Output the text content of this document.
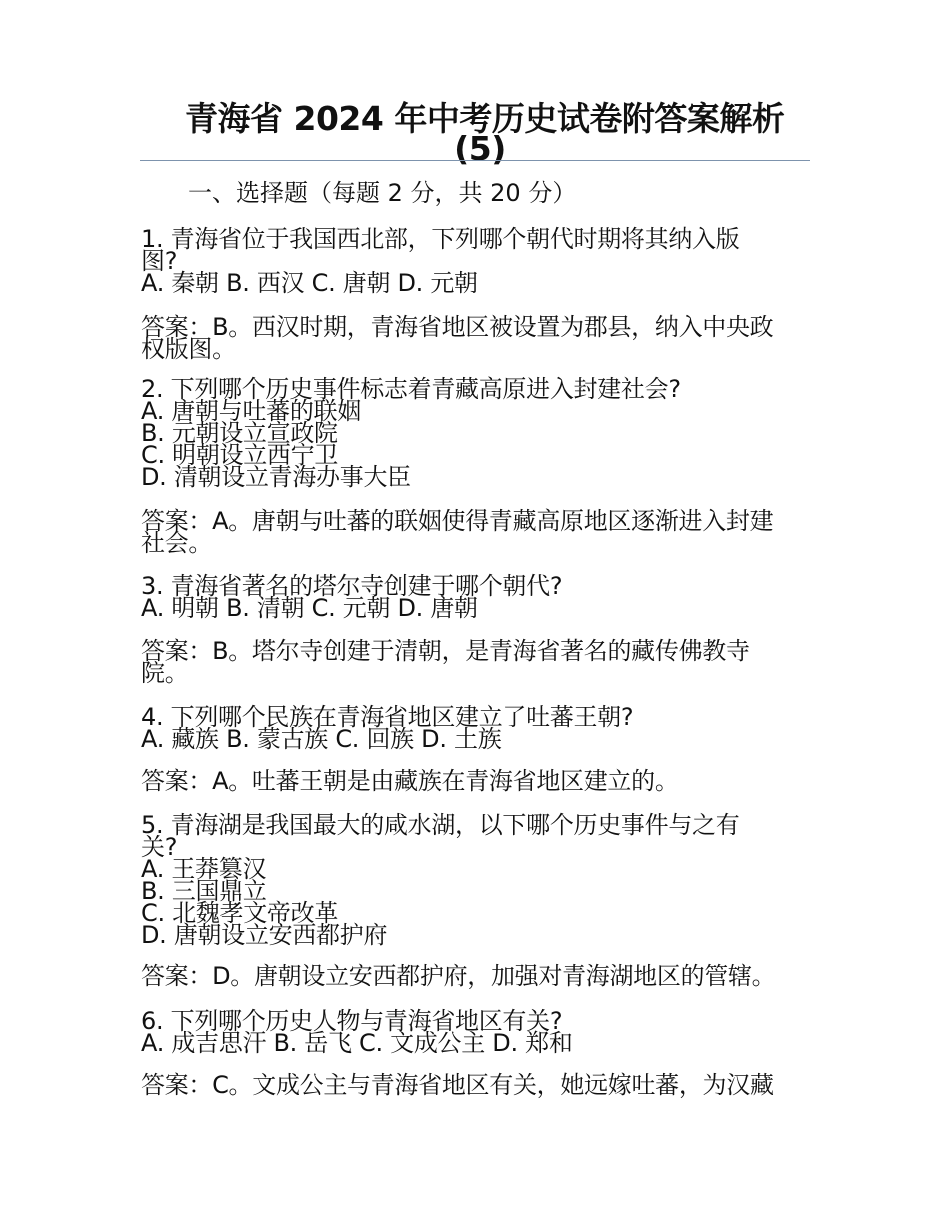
青海省 2024 年中考历史试卷附答案解析
(5)
一、选择题（每题 2 分，共 20 分）
1. 青海省位于我国西北部，下列哪个朝代时期将其纳入版
图?
A. 秦朝 B. 西汉 C. 唐朝 D. 元朝
答案：B。西汉时期，青海省地区被设置为郡县，纳入中央政
权版图。
2. 下列哪个历史事件标志着青藏高原进入封建社会?
A. 唐朝与吐蕃的联姻
B. 元朝设立宣政院
C. 明朝设立西宁卫
D. 清朝设立青海办事大臣
答案：A。唐朝与吐蕃的联姻使得青藏高原地区逐渐进入封建
社会。
3. 青海省著名的塔尔寺创建于哪个朝代?
A. 明朝 B. 清朝 C. 元朝 D. 唐朝
答案：B。塔尔寺创建于清朝，是青海省著名的藏传佛教寺
院。
4. 下列哪个民族在青海省地区建立了吐蕃王朝?
A. 藏族 B. 蒙古族 C. 回族 D. 土族
答案：A。吐蕃王朝是由藏族在青海省地区建立的。
5. 青海湖是我国最大的咸水湖，以下哪个历史事件与之有
关?
A. 王莽篡汉
B. 三国鼎立
C. 北魏孝文帝改革
D. 唐朝设立安西都护府
答案：D。唐朝设立安西都护府，加强对青海湖地区的管辖。
6. 下列哪个历史人物与青海省地区有关?
A. 成吉思汗 B. 岳飞 C. 文成公主 D. 郑和
答案：C。文成公主与青海省地区有关，她远嫁吐蕃，为汉藏
